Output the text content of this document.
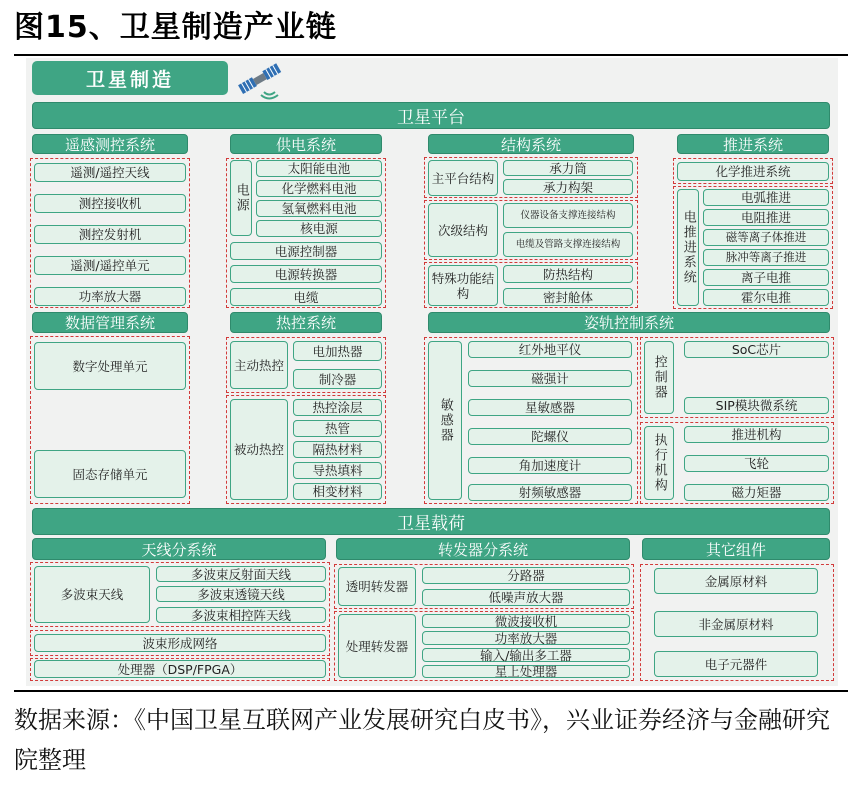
图15、卫星制造产业链
卫星制造
卫星平台
遥感测控系统
遥测/遥控天线
测控接收机
测控发射机
遥测/遥控单元
功率放大器
供电系统
电源
太阳能电池
化学燃料电池
氢氧燃料电池
核电源
电源控制器
电源转换器
电缆
结构系统
主平台结构
承力筒
承力构架
次级结构
仪器设备支撑连接结构
电缆及管路支撑连接结构
特殊功能结构
防热结构
密封舱体
推进系统
化学推进系统
电推进系统
电弧推进
电阻推进
磁等离子体推进
脉冲等离子推进
离子电推
霍尔电推
数据管理系统
数字处理单元
固态存储单元
热控系统
主动热控
电加热器
制冷器
被动热控
热控涂层
热管
隔热材料
导热填料
相变材料
姿轨控制系统
敏感器
红外地平仪
磁强计
星敏感器
陀螺仪
角加速度计
射频敏感器
控制器
SoC芯片
SIP模块微系统
执行机构	推进机构
飞轮
磁力矩器
卫星载荷
天线分系统
多波束天线
多波束反射面天线
多波束透镜天线
多波束相控阵天线
波束形成网络
处理器（DSP/FPGA）
转发器分系统
透明转发器
分路器
低噪声放大器
处理转发器
微波接收机
功率放大器
输入/输出多工器
星上处理器
其它组件
金属原材料
非金属原材料
电子元器件
数据来源：《中国卫星互联网产业发展研究白皮书》，兴业证券经济与金融研究院整理
